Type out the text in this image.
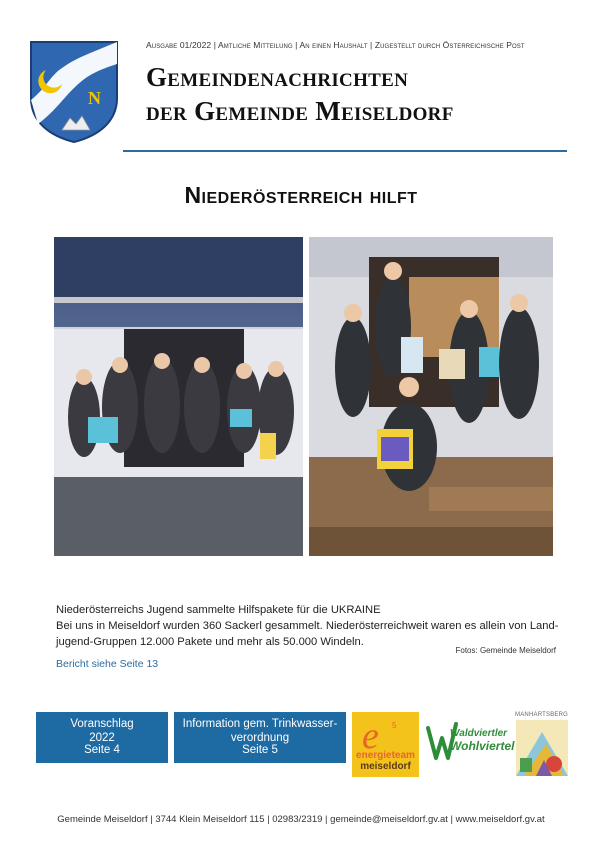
N
Ausgabe 01/2022 | Amtliche Mitteilung | An einen Haushalt | Zugestellt durch Österreichische Post
Gemeindenachrichten
der Gemeinde Meiseldorf
Niederösterreich hilft
Niederösterreichs Jugend sammelte Hilfspakete für die UKRAINE
Bei uns in Meiseldorf wurden 360 Sackerl gesammelt. Niederösterreichweit waren es allein von Land-
jugend-Gruppen 12.000 Pakete und mehr als 50.000 Windeln.
Fotos: Gemeinde Meiseldorf
Bericht siehe Seite 13
Voranschlag
2022
Seite 4
Information gem. Trinkwasser-
verordnung
Seite 5	e 5
energieteam
meiseldorf
Waldviertler
Wohlviertel
MANHARTSBERG
Gemeinde Meiseldorf | 3744 Klein Meiseldorf 115 | 02983/2319 | gemeinde@meiseldorf.gv.at | www.meiseldorf.gv.at
